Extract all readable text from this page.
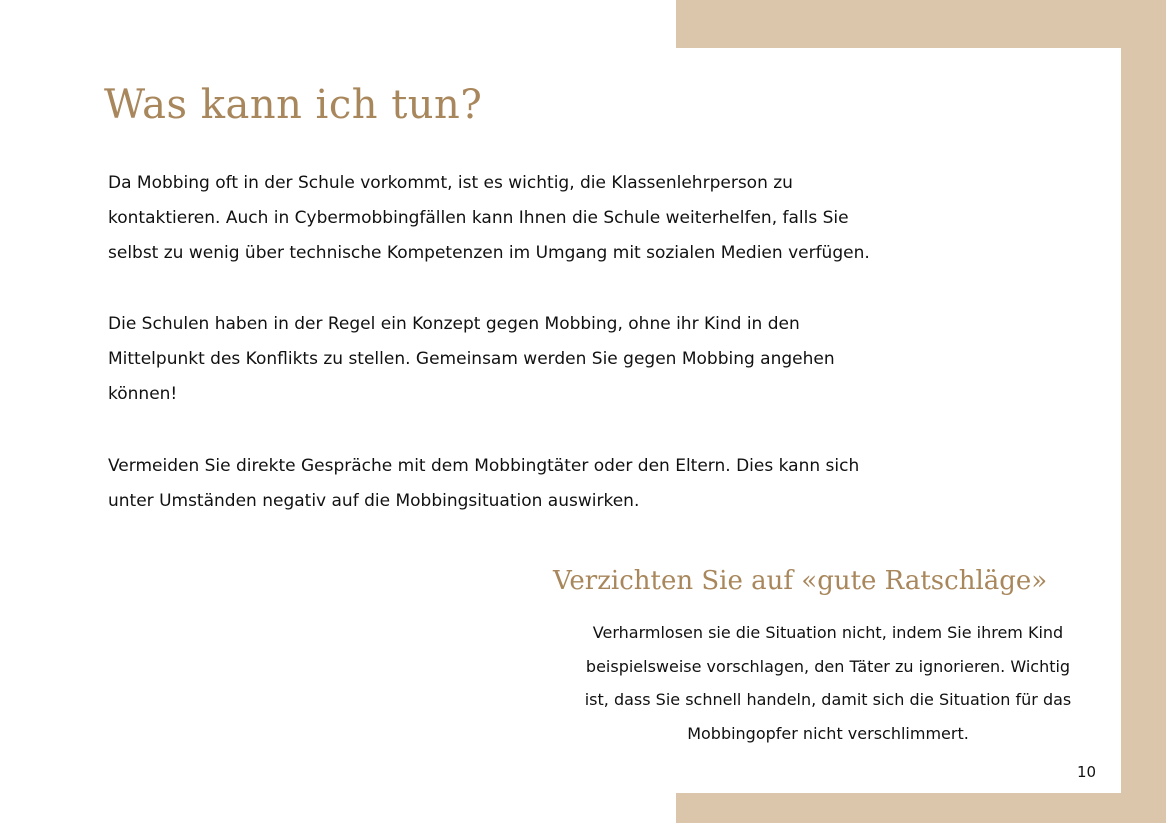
Was kann ich tun?

Da Mobbing oft in der Schule vorkommt, ist es wichtig, die Klassenlehrperson zu kontaktieren. Auch in Cybermobbingfällen kann Ihnen die Schule weiterhelfen, falls Sie selbst zu wenig über technische Kompetenzen im Umgang mit sozialen Medien verfügen.

Die Schulen haben in der Regel ein Konzept gegen Mobbing, ohne ihr Kind in den Mittelpunkt des Konflikts zu stellen. Gemeinsam werden Sie gegen Mobbing angehen können!

Vermeiden Sie direkte Gespräche mit dem Mobbingtäter oder den Eltern. Dies kann sich unter Umständen negativ auf die Mobbingsituation auswirken.

Verzichten Sie auf «gute Ratschläge»

Verharmlosen sie die Situation nicht, indem Sie ihrem Kind beispielsweise vorschlagen, den Täter zu ignorieren. Wichtig ist, dass Sie schnell handeln, damit sich die Situation für das Mobbingopfer nicht verschlimmert.

10
